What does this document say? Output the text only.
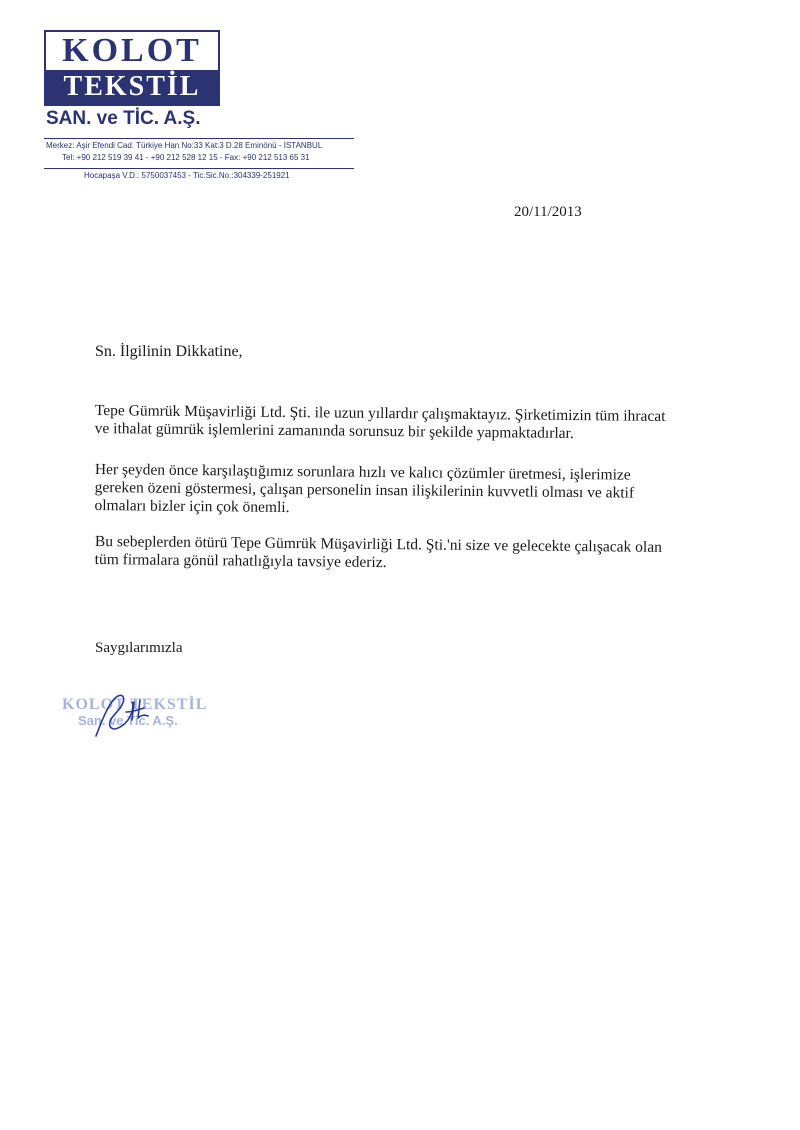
KOLOT
TEKSTİL
SAN. ve TİC. A.Ş.
Merkez: Aşir Efendi Cad. Türkiye Han No:33 Kat:3 D.28 Eminönü - İSTANBUL
Tel: +90 212 519 39 41 - +90 212 528 12 15 - Fax: +90 212 513 65 31
Hocapaşa V.D.: 5750037453 - Tic.Sic.No.:304339-251921
20/11/2013
Sn. İlgilinin Dikkatine,
Tepe Gümrük Müşavirliği Ltd. Şti. ile uzun yıllardır çalışmaktayız. Şirketimizin tüm ihracat
ve ithalat gümrük işlemlerini zamanında sorunsuz bir şekilde yapmaktadırlar.
Her şeyden önce karşılaştığımız sorunlara hızlı ve kalıcı çözümler üretmesi, işlerimize
gereken özeni göstermesi, çalışan personelin insan ilişkilerinin kuvvetli olması ve aktif
olmaları bizler için çok önemli.
Bu sebeplerden ötürü Tepe Gümrük Müşavirliği Ltd. Şti.'ni size ve gelecekte çalışacak olan
tüm firmalara gönül rahatlığıyla tavsiye ederiz.
Saygılarımızla
KOLOT TEKSTİL
San. ve Tic. A.Ş.
